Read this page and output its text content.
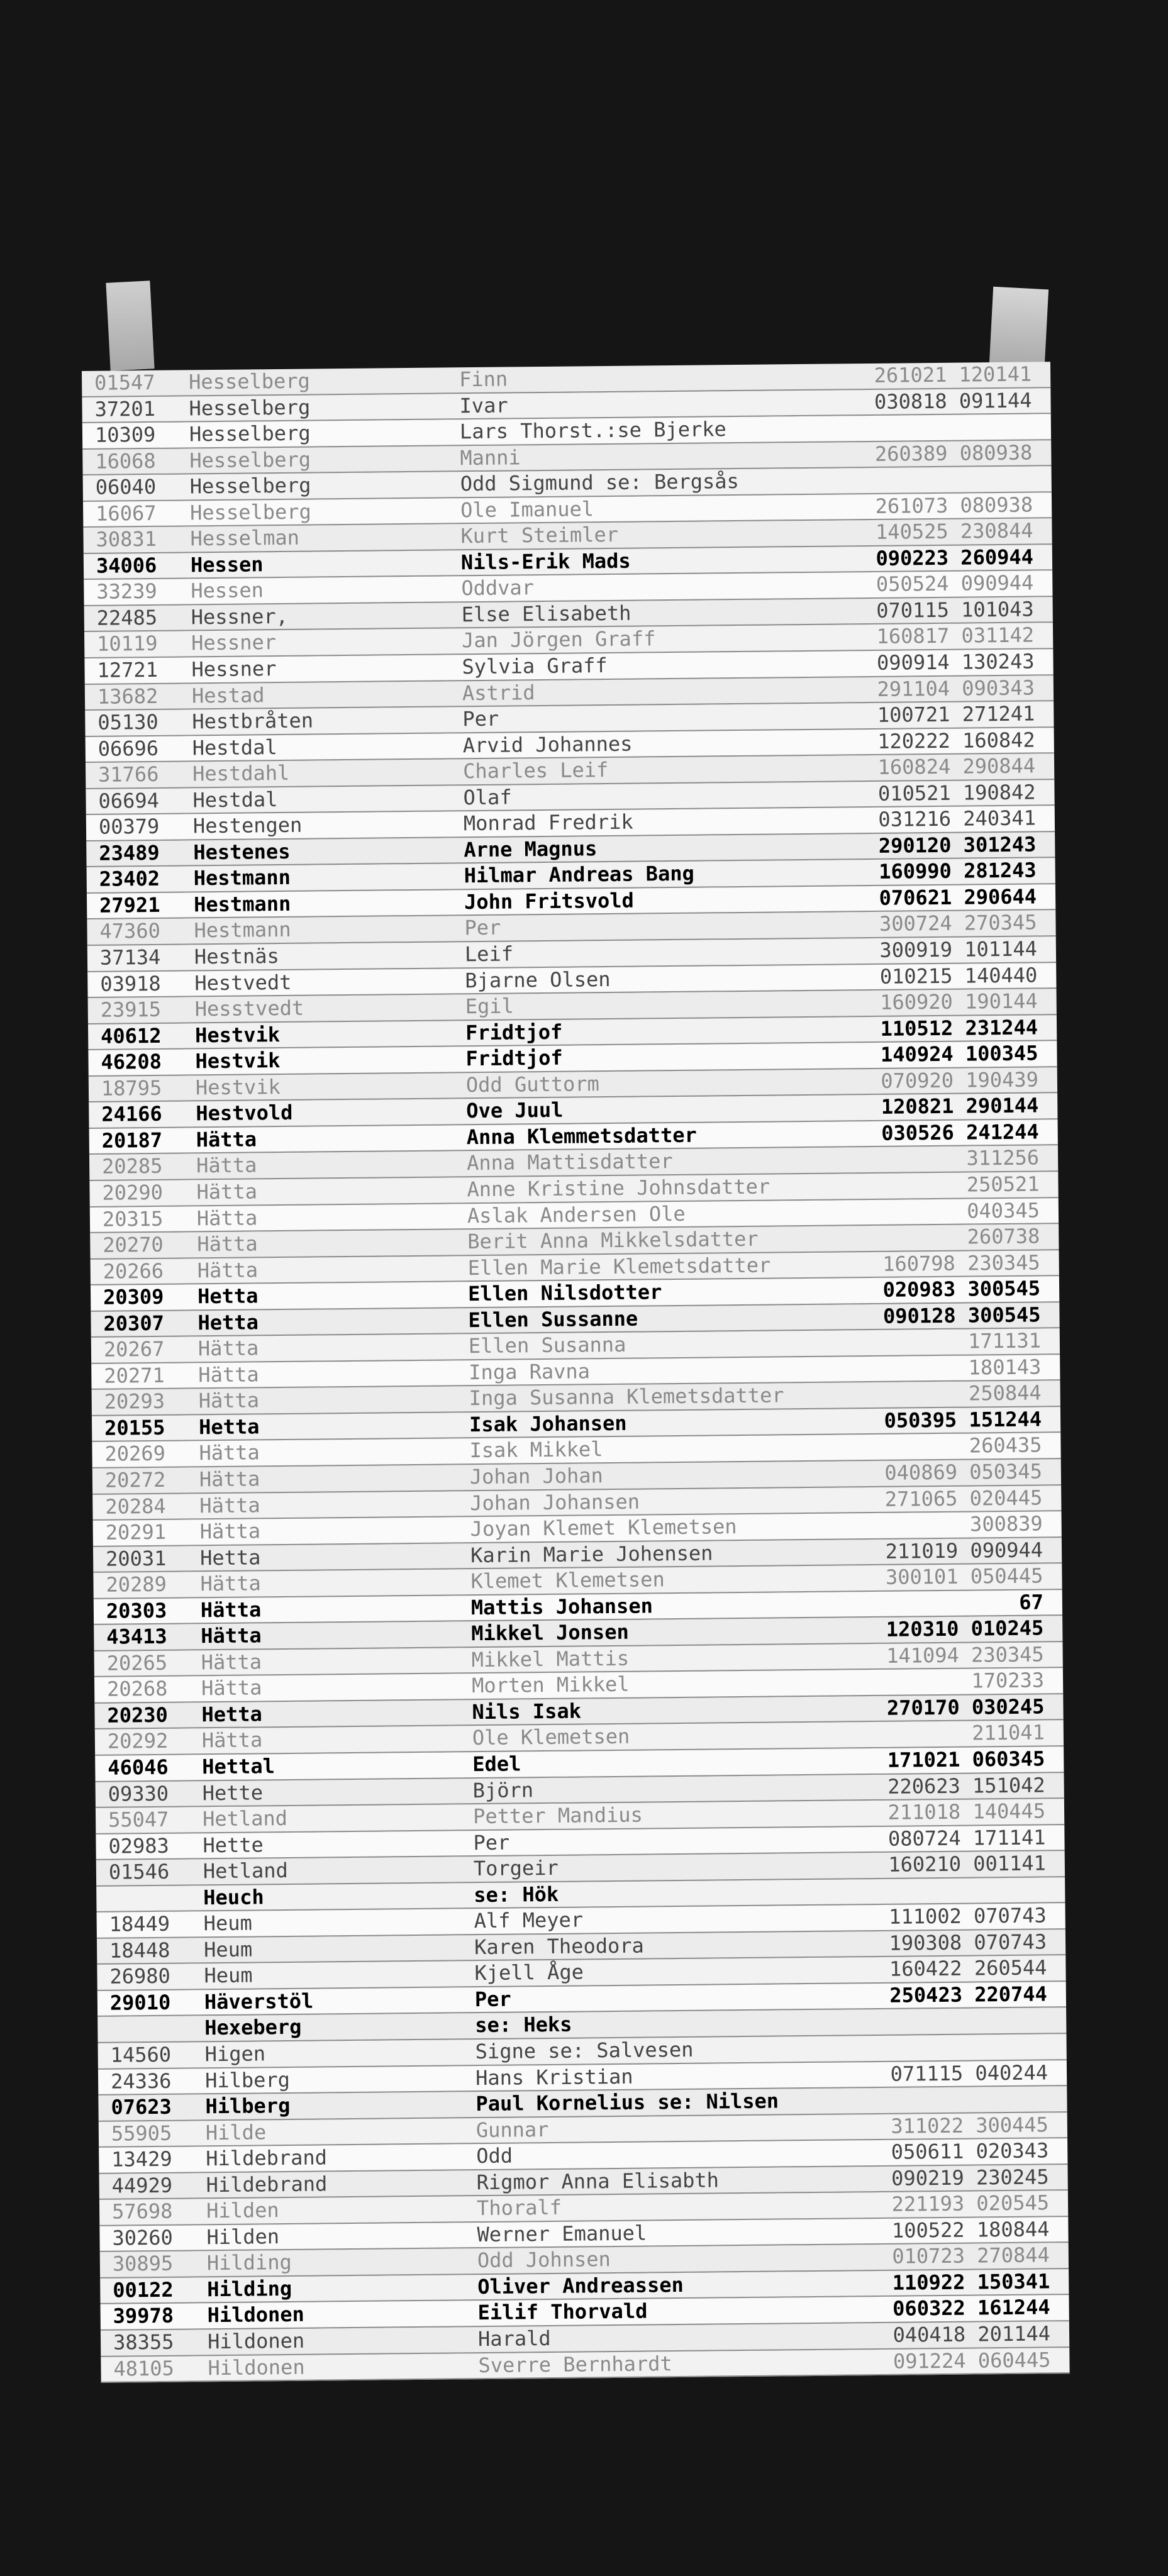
01547 Hesselberg	Finn	261021 120141
37201 Hesselberg	Ivar	030818 091144
10309 Hesselberg	Lars Thorst.:se Bjerke
16068 Hesselberg	Manni	260389 080938
06040 Hesselberg	Odd Sigmund se: Bergsås
16067 Hesselberg	Ole Imanuel	261073 080938
30831 Hesselman	Kurt Steimler	140525 230844
34006 Hessen	Nils-Erik Mads	090223 260944
33239 Hessen	Oddvar	050524 090944
22485 Hessner,	Else Elisabeth	070115 101043
10119 Hessner	Jan Jörgen Graff	160817 031142
12721 Hessner	Sylvia Graff	090914 130243
13682 Hestad	Astrid	291104 090343
05130 Hestbråten	Per	100721 271241
06696 Hestdal	Arvid Johannes	120222 160842
31766 Hestdahl	Charles Leif	160824 290844
06694 Hestdal	Olaf	010521 190842
00379 Hestengen	Monrad Fredrik	031216 240341
23489 Hestenes	Arne Magnus	290120 301243
23402 Hestmann	Hilmar Andreas Bang	160990 281243
27921 Hestmann	John Fritsvold	070621 290644
47360 Hestmann	Per	300724 270345
37134 Hestnäs	Leif	300919 101144
03918 Hestvedt	Bjarne Olsen	010215 140440
23915 Hesstvedt	Egil	160920 190144
40612 Hestvik	Fridtjof	110512 231244
46208 Hestvik	Fridtjof	140924 100345
18795 Hestvik	Odd Guttorm	070920 190439
24166 Hestvold	Ove Juul	120821 290144
20187 Hätta	Anna Klemmetsdatter	030526 241244
20285 Hätta	Anna Mattisdatter	311256
20290 Hätta	Anne Kristine Johnsdatter	250521
20315 Hätta	Aslak Andersen Ole	040345
20270 Hätta	Berit Anna Mikkelsdatter	260738
20266 Hätta	Ellen Marie Klemetsdatter	160798 230345
20309 Hetta	Ellen Nilsdotter	020983 300545
20307 Hetta	Ellen Sussanne	090128 300545
20267 Hätta	Ellen Susanna	171131
20271 Hätta	Inga Ravna	180143
20293 Hätta	Inga Susanna Klemetsdatter	250844
20155 Hetta	Isak Johansen	050395 151244
20269 Hätta	Isak Mikkel	260435
20272 Hätta	Johan Johan	040869 050345
20284 Hätta	Johan Johansen	271065 020445
20291 Hätta	Joyan Klemet Klemetsen	300839
20031 Hetta	Karin Marie Johensen	211019 090944
20289 Hätta	Klemet Klemetsen	300101 050445
20303 Hätta	Mattis Johansen	67
43413 Hätta	Mikkel Jonsen	120310 010245
20265 Hätta	Mikkel Mattis	141094 230345
20268 Hätta	Morten Mikkel	170233
20230 Hetta	Nils Isak	270170 030245
20292 Hätta	Ole Klemetsen	211041
46046 Hettal	Edel	171021 060345
09330 Hette	Björn	220623 151042
55047 Hetland	Petter Mandius	211018 140445
02983 Hette	Per	080724 171141
01546 Hetland	Torgeir	160210 001141
Heuch	se: Hök
18449 Heum	Alf Meyer	111002 070743
18448 Heum	Karen Theodora	190308 070743
26980 Heum	Kjell Åge	160422 260544
29010 Häverstöl	Per	250423 220744
Hexeberg	se: Heks
14560 Higen	Signe se: Salvesen
24336 Hilberg	Hans Kristian	071115 040244
07623 Hilberg	Paul Kornelius se: Nilsen
55905 Hilde	Gunnar	311022 300445
13429 Hildebrand	Odd	050611 020343
44929 Hildebrand	Rigmor Anna Elisabth	090219 230245
57698 Hilden	Thoralf	221193 020545
30260 Hilden	Werner Emanuel	100522 180844
30895 Hilding	Odd Johnsen	010723 270844
00122 Hilding	Oliver Andreassen	110922 150341
39978 Hildonen	Eilif Thorvald	060322 161244
38355 Hildonen	Harald	040418 201144
48105 Hildonen	Sverre Bernhardt	091224 060445
